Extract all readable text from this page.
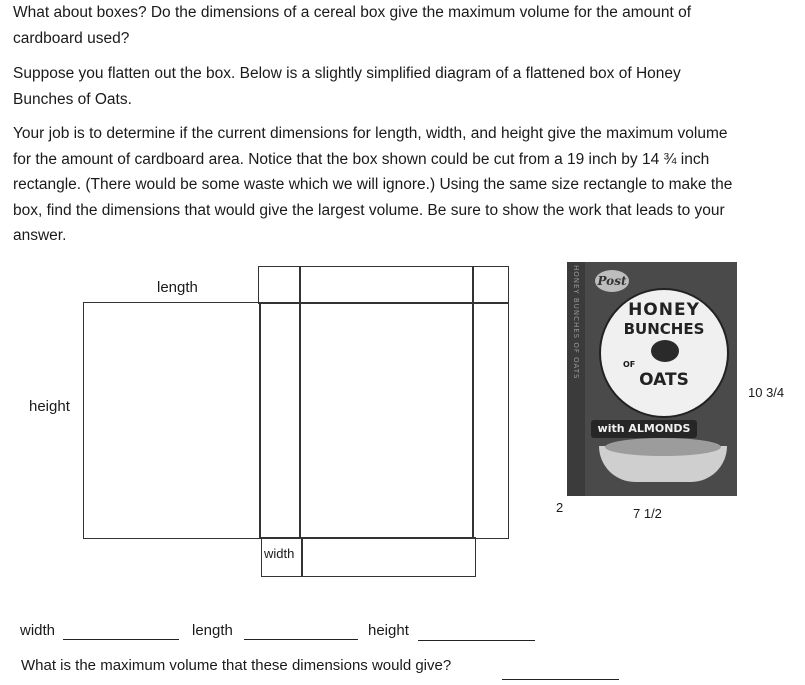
What about boxes? Do the dimensions of a cereal box give the maximum volume for the amount of cardboard used?

Suppose you flatten out the box. Below is a slightly simplified diagram of a flattened box of Honey Bunches of Oats.

Your job is to determine if the current dimensions for length, width, and height give the maximum volume for the amount of cardboard area. Notice that the box shown could be cut from a 19 inch by 14 ¾ inch rectangle. (There would be some waste which we will ignore.) Using the same size rectangle to make the box, find the dimensions that would give the largest volume. Be sure to show the work that leads to your answer.

length
height
width
HONEY BUNCHES OF OATS Post
HONEY
BUNCHES
OF
OATS
with ALMONDS
2	7 1/2
10 3/4
width	length	height
What is the maximum volume that these dimensions would give?
